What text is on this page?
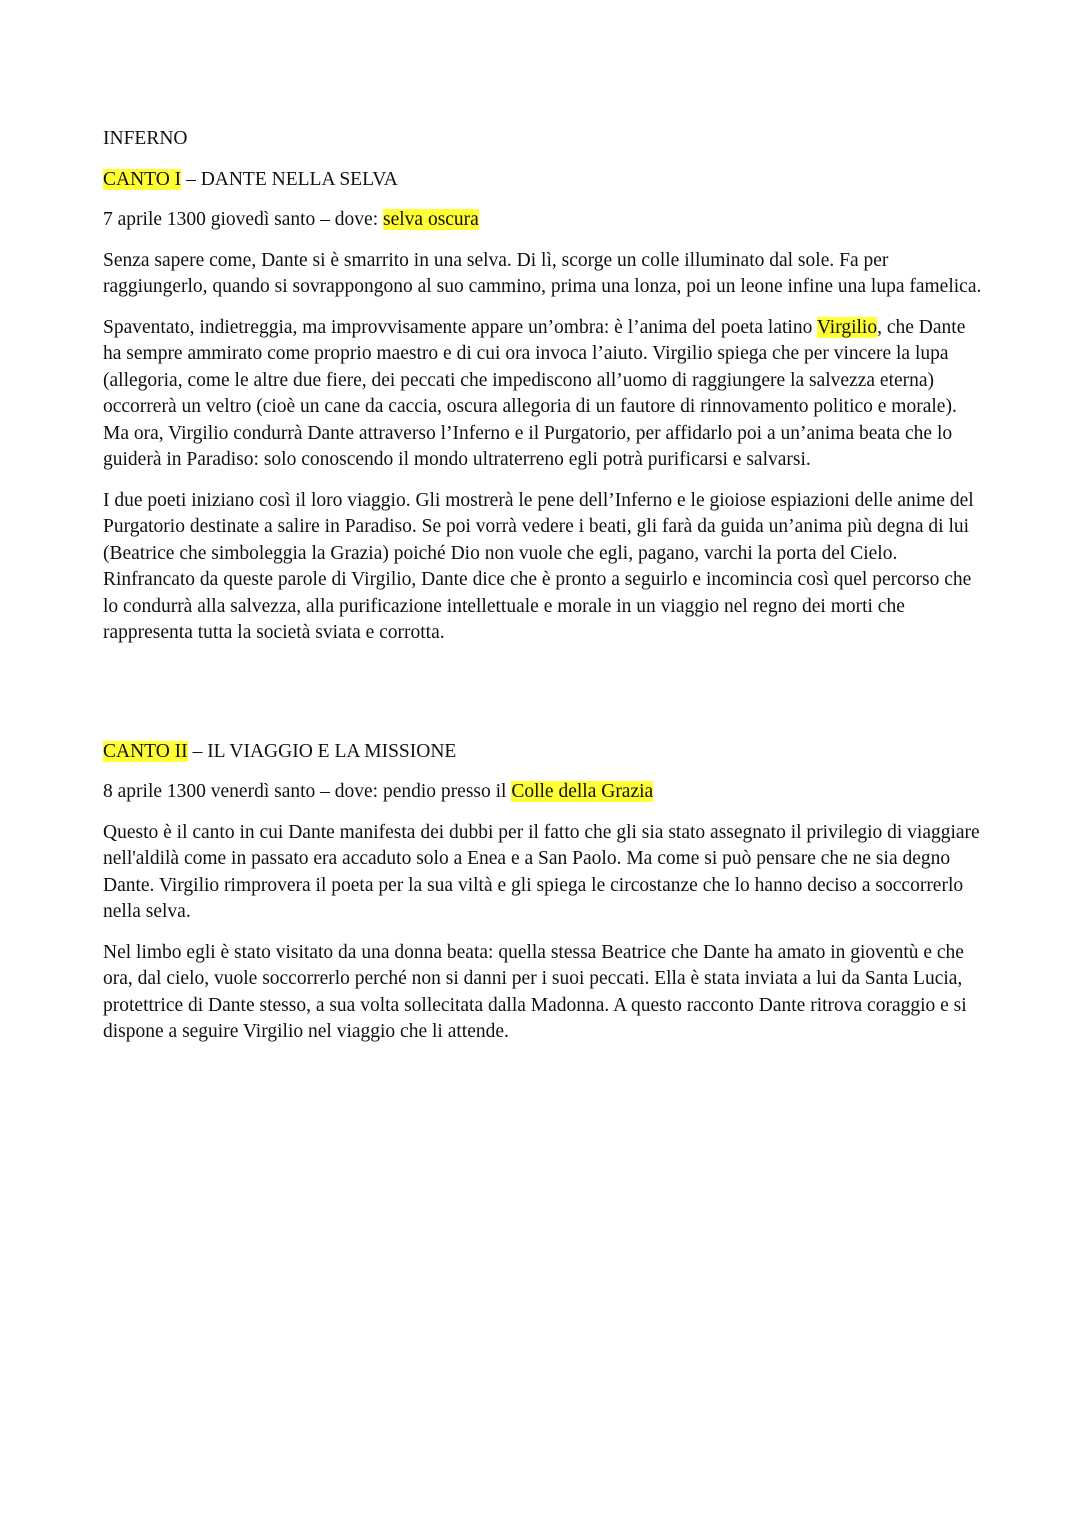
INFERNO

CANTO I – DANTE NELLA SELVA

7 aprile 1300 giovedì santo – dove: selva oscura

Senza sapere come, Dante si è smarrito in una selva. Di lì, scorge un colle illuminato dal sole. Fa per raggiungerlo, quando si sovrappongono al suo cammino, prima una lonza, poi un leone infine una lupa famelica.

Spaventato, indietreggia, ma improvvisamente appare un’ombra: è l’anima del poeta latino Virgilio, che Dante ha sempre ammirato come proprio maestro e di cui ora invoca l’aiuto. Virgilio spiega che per vincere la lupa (allegoria, come le altre due fiere, dei peccati che impediscono all’uomo di raggiungere la salvezza eterna) occorrerà un veltro (cioè un cane da caccia, oscura allegoria di un fautore di rinnovamento politico e morale). Ma ora, Virgilio condurrà Dante attraverso l’Inferno e il Purgatorio, per affidarlo poi a un’anima beata che lo guiderà in Paradiso: solo conoscendo il mondo ultraterreno egli potrà purificarsi e salvarsi.

I due poeti iniziano così il loro viaggio. Gli mostrerà le pene dell’Inferno e le gioiose espiazioni delle anime del Purgatorio destinate a salire in Paradiso. Se poi vorrà vedere i beati, gli farà da guida un’anima più degna di lui (Beatrice che simboleggia la Grazia) poiché Dio non vuole che egli, pagano, varchi la porta del Cielo. Rinfrancato da queste parole di Virgilio, Dante dice che è pronto a seguirlo e incomincia così quel percorso che lo condurrà alla salvezza, alla purificazione intellettuale e morale in un viaggio nel regno dei morti che rappresenta tutta la società sviata e corrotta.

CANTO II – IL VIAGGIO E LA MISSIONE

8 aprile 1300 venerdì santo – dove: pendio presso il Colle della Grazia

Questo è il canto in cui Dante manifesta dei dubbi per il fatto che gli sia stato assegnato il privilegio di viaggiare nell'aldilà come in passato era accaduto solo a Enea e a San Paolo. Ma come si può pensare che ne sia degno Dante. Virgilio rimprovera il poeta per la sua viltà e gli spiega le circostanze che lo hanno deciso a soccorrerlo nella selva.

Nel limbo egli è stato visitato da una donna beata: quella stessa Beatrice che Dante ha amato in gioventù e che ora, dal cielo, vuole soccorrerlo perché non si danni per i suoi peccati. Ella è stata inviata a lui da Santa Lucia, protettrice di Dante stesso, a sua volta sollecitata dalla Madonna. A questo racconto Dante ritrova coraggio e si dispone a seguire Virgilio nel viaggio che li attende.
